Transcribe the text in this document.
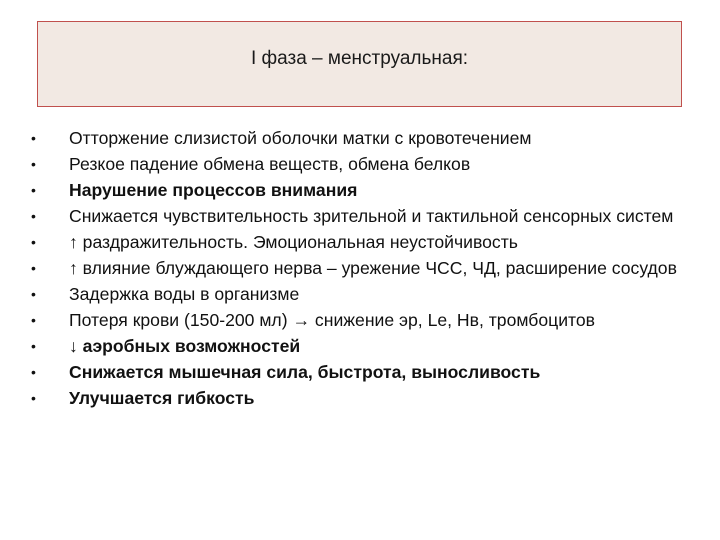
I фаза – менструальная:
• Отторжение слизистой оболочки матки с кровотечением
• Резкое падение обмена веществ, обмена белков
• Нарушение процессов внимания
• Снижается чувствительность зрительной и тактильной сенсорных систем
• ↑ раздражительность. Эмоциональная неустойчивость
• ↑ влияние блуждающего нерва – урежение ЧСС, ЧД, расширение сосудов
• Задержка воды в организме
• Потеря крови (150-200 мл) → снижение эр, Le, Нв, тромбоцитов
• ↓ аэробных возможностей
• Снижается мышечная сила, быстрота, выносливость
• Улучшается гибкость
